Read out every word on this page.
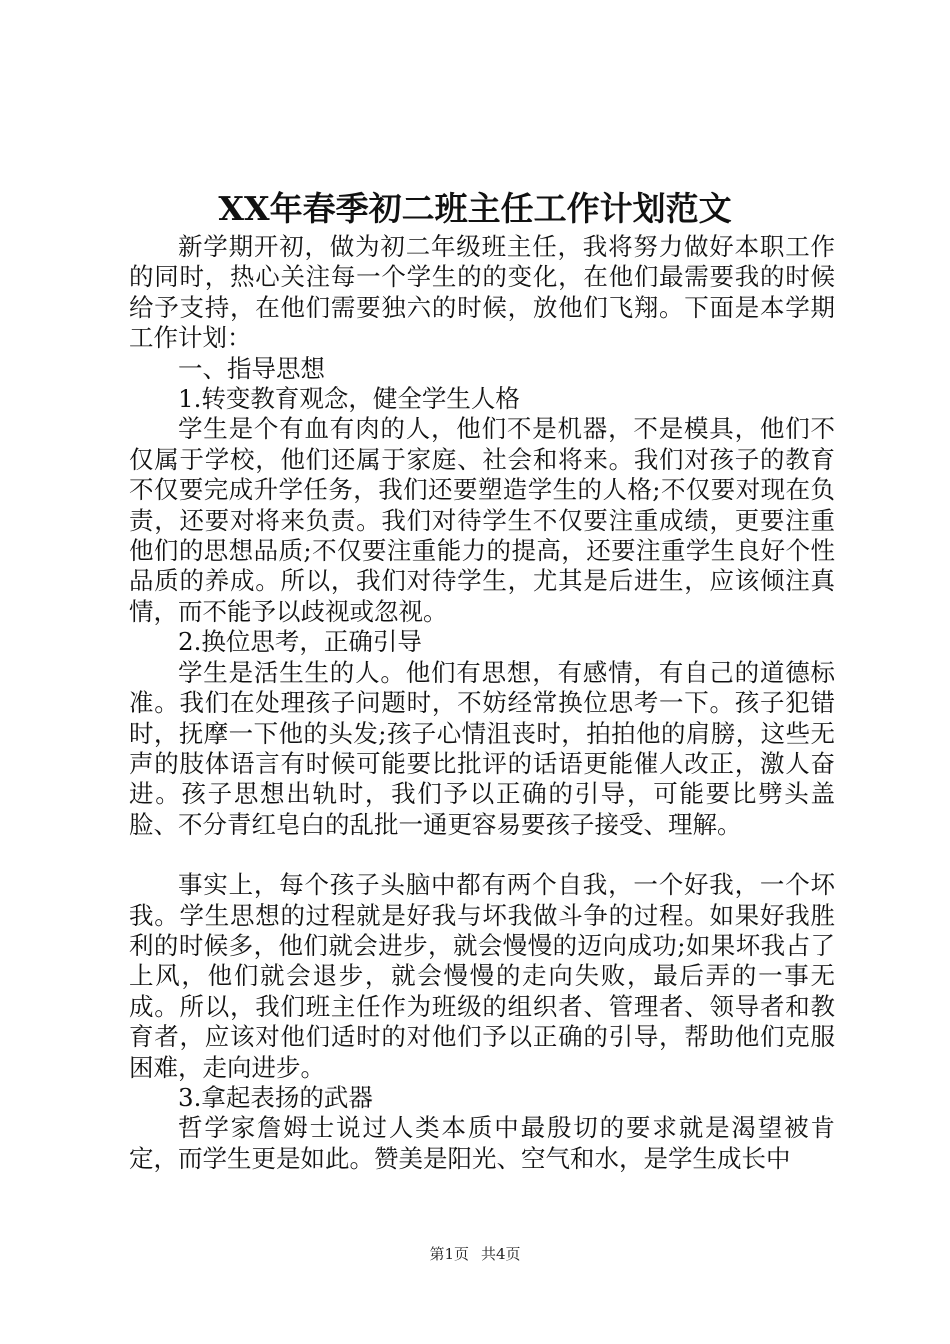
XX年春季初二班主任工作计划范文

新学期开初，做为初二年级班主任，我将努力做好本职工作的同时，热心关注每一个学生的的变化，在他们最需要我的时候给予支持，在他们需要独六的时候，放他们飞翔。下面是本学期工作计划：

一、指导思想

1.转变教育观念，健全学生人格

学生是个有血有肉的人，他们不是机器，不是模具，他们不仅属于学校，他们还属于家庭、社会和将来。我们对孩子的教育不仅要完成升学任务，我们还要塑造学生的人格;不仅要对现在负责，还要对将来负责。我们对待学生不仅要注重成绩，更要注重他们的思想品质;不仅要注重能力的提高，还要注重学生良好个性品质的养成。所以，我们对待学生，尤其是后进生，应该倾注真情，而不能予以歧视或忽视。

2.换位思考，正确引导

学生是活生生的人。他们有思想，有感情，有自己的道德标准。我们在处理孩子问题时，不妨经常换位思考一下。孩子犯错时，抚摩一下他的头发;孩子心情沮丧时，拍拍他的肩膀，这些无声的肢体语言有时候可能要比批评的话语更能催人改正，激人奋进。孩子思想出轨时，我们予以正确的引导，可能要比劈头盖脸、不分青红皂白的乱批一通更容易要孩子接受、理解。

事实上，每个孩子头脑中都有两个自我，一个好我，一个坏我。学生思想的过程就是好我与坏我做斗争的过程。如果好我胜利的时候多，他们就会进步，就会慢慢的迈向成功;如果坏我占了上风，他们就会退步，就会慢慢的走向失败，最后弄的一事无成。所以，我们班主任作为班级的组织者、管理者、领导者和教育者，应该对他们适时的对他们予以正确的引导，帮助他们克服困难，走向进步。

3.拿起表扬的武器

哲学家詹姆士说过人类本质中最殷切的要求就是渴望被肯定，而学生更是如此。赞美是阳光、空气和水，是学生成长中

第1页 共4页
